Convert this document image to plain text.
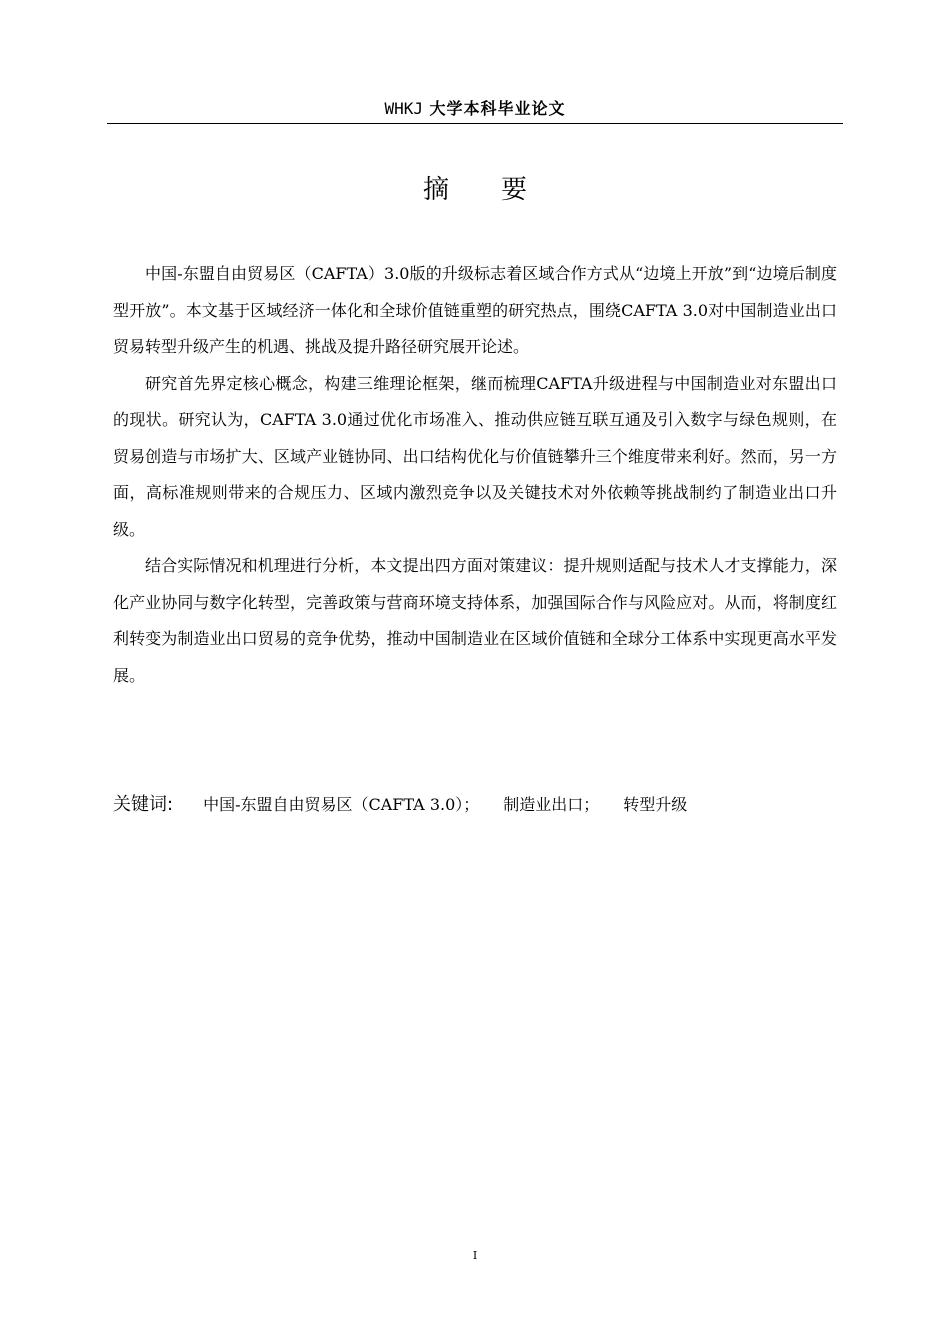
WHKJ 大学本科毕业论文
摘 要

中国-东盟自由贸易区（CAFTA）3.0版的升级标志着区域合作方式从“边境上开放”到“边境后制度型开放”。本文基于区域经济一体化和全球价值链重塑的研究热点，围绕CAFTA 3.0对中国制造业出口贸易转型升级产生的机遇、挑战及提升路径研究展开论述。

研究首先界定核心概念，构建三维理论框架，继而梳理CAFTA升级进程与中国制造业对东盟出口的现状。研究认为，CAFTA 3.0通过优化市场准入、推动供应链互联互通及引入数字与绿色规则，在贸易创造与市场扩大、区域产业链协同、出口结构优化与价值链攀升三个维度带来利好。然而，另一方面，高标准规则带来的合规压力、区域内激烈竞争以及关键技术对外依赖等挑战制约了制造业出口升级。

结合实际情况和机理进行分析，本文提出四方面对策建议：提升规则适配与技术人才支撑能力，深化产业协同与数字化转型，完善政策与营商环境支持体系，加强国际合作与风险应对。从而，将制度红利转变为制造业出口贸易的竞争优势，推动中国制造业在区域价值链和全球分工体系中实现更高水平发展。

关键词: 中国-东盟自由贸易区（CAFTA 3.0）； 制造业出口； 转型升级
I
